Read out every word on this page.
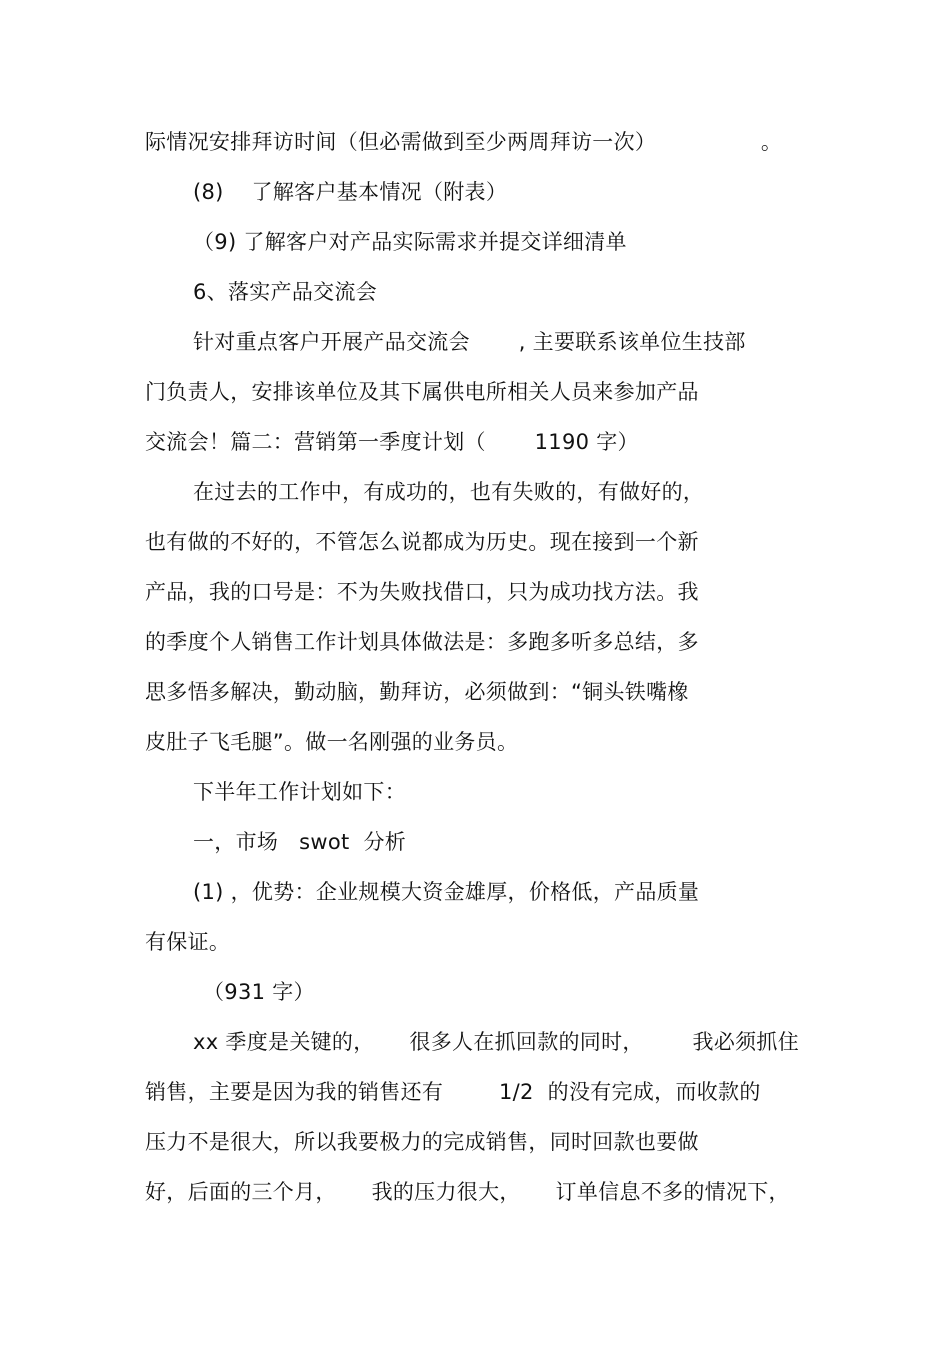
际情况安排拜访时间（但必需做到至少两周拜访一次）               。
(8)    了解客户基本情况（附表）
（9) 了解客户对产品实际需求并提交详细清单
6、落实产品交流会
针对重点客户开展产品交流会       , 主要联系该单位生技部
门负责人，安排该单位及其下属供电所相关人员来参加产品
交流会！篇二：营销第一季度计划（       1190 字）
在过去的工作中，有成功的，也有失败的，有做好的，
也有做的不好的，不管怎么说都成为历史。现在接到一个新
产品，我的口号是：不为失败找借口，只为成功找方法。我
的季度个人销售工作计划具体做法是：多跑多听多总结，多
思多悟多解决，勤动脑，勤拜访，必须做到：“铜头铁嘴橡
皮肚子飞毛腿”。做一名刚强的业务员。
下半年工作计划如下：
一，市场   swot  分析
(1) ，优势：企业规模大资金雄厚，价格低，产品质量
有保证。
（931 字）
xx 季度是关键的，     很多人在抓回款的同时，       我必须抓住
销售，主要是因为我的销售还有        1/2  的没有完成，而收款的
压力不是很大，所以我要极力的完成销售，同时回款也要做
好，后面的三个月，     我的压力很大，     订单信息不多的情况下，
